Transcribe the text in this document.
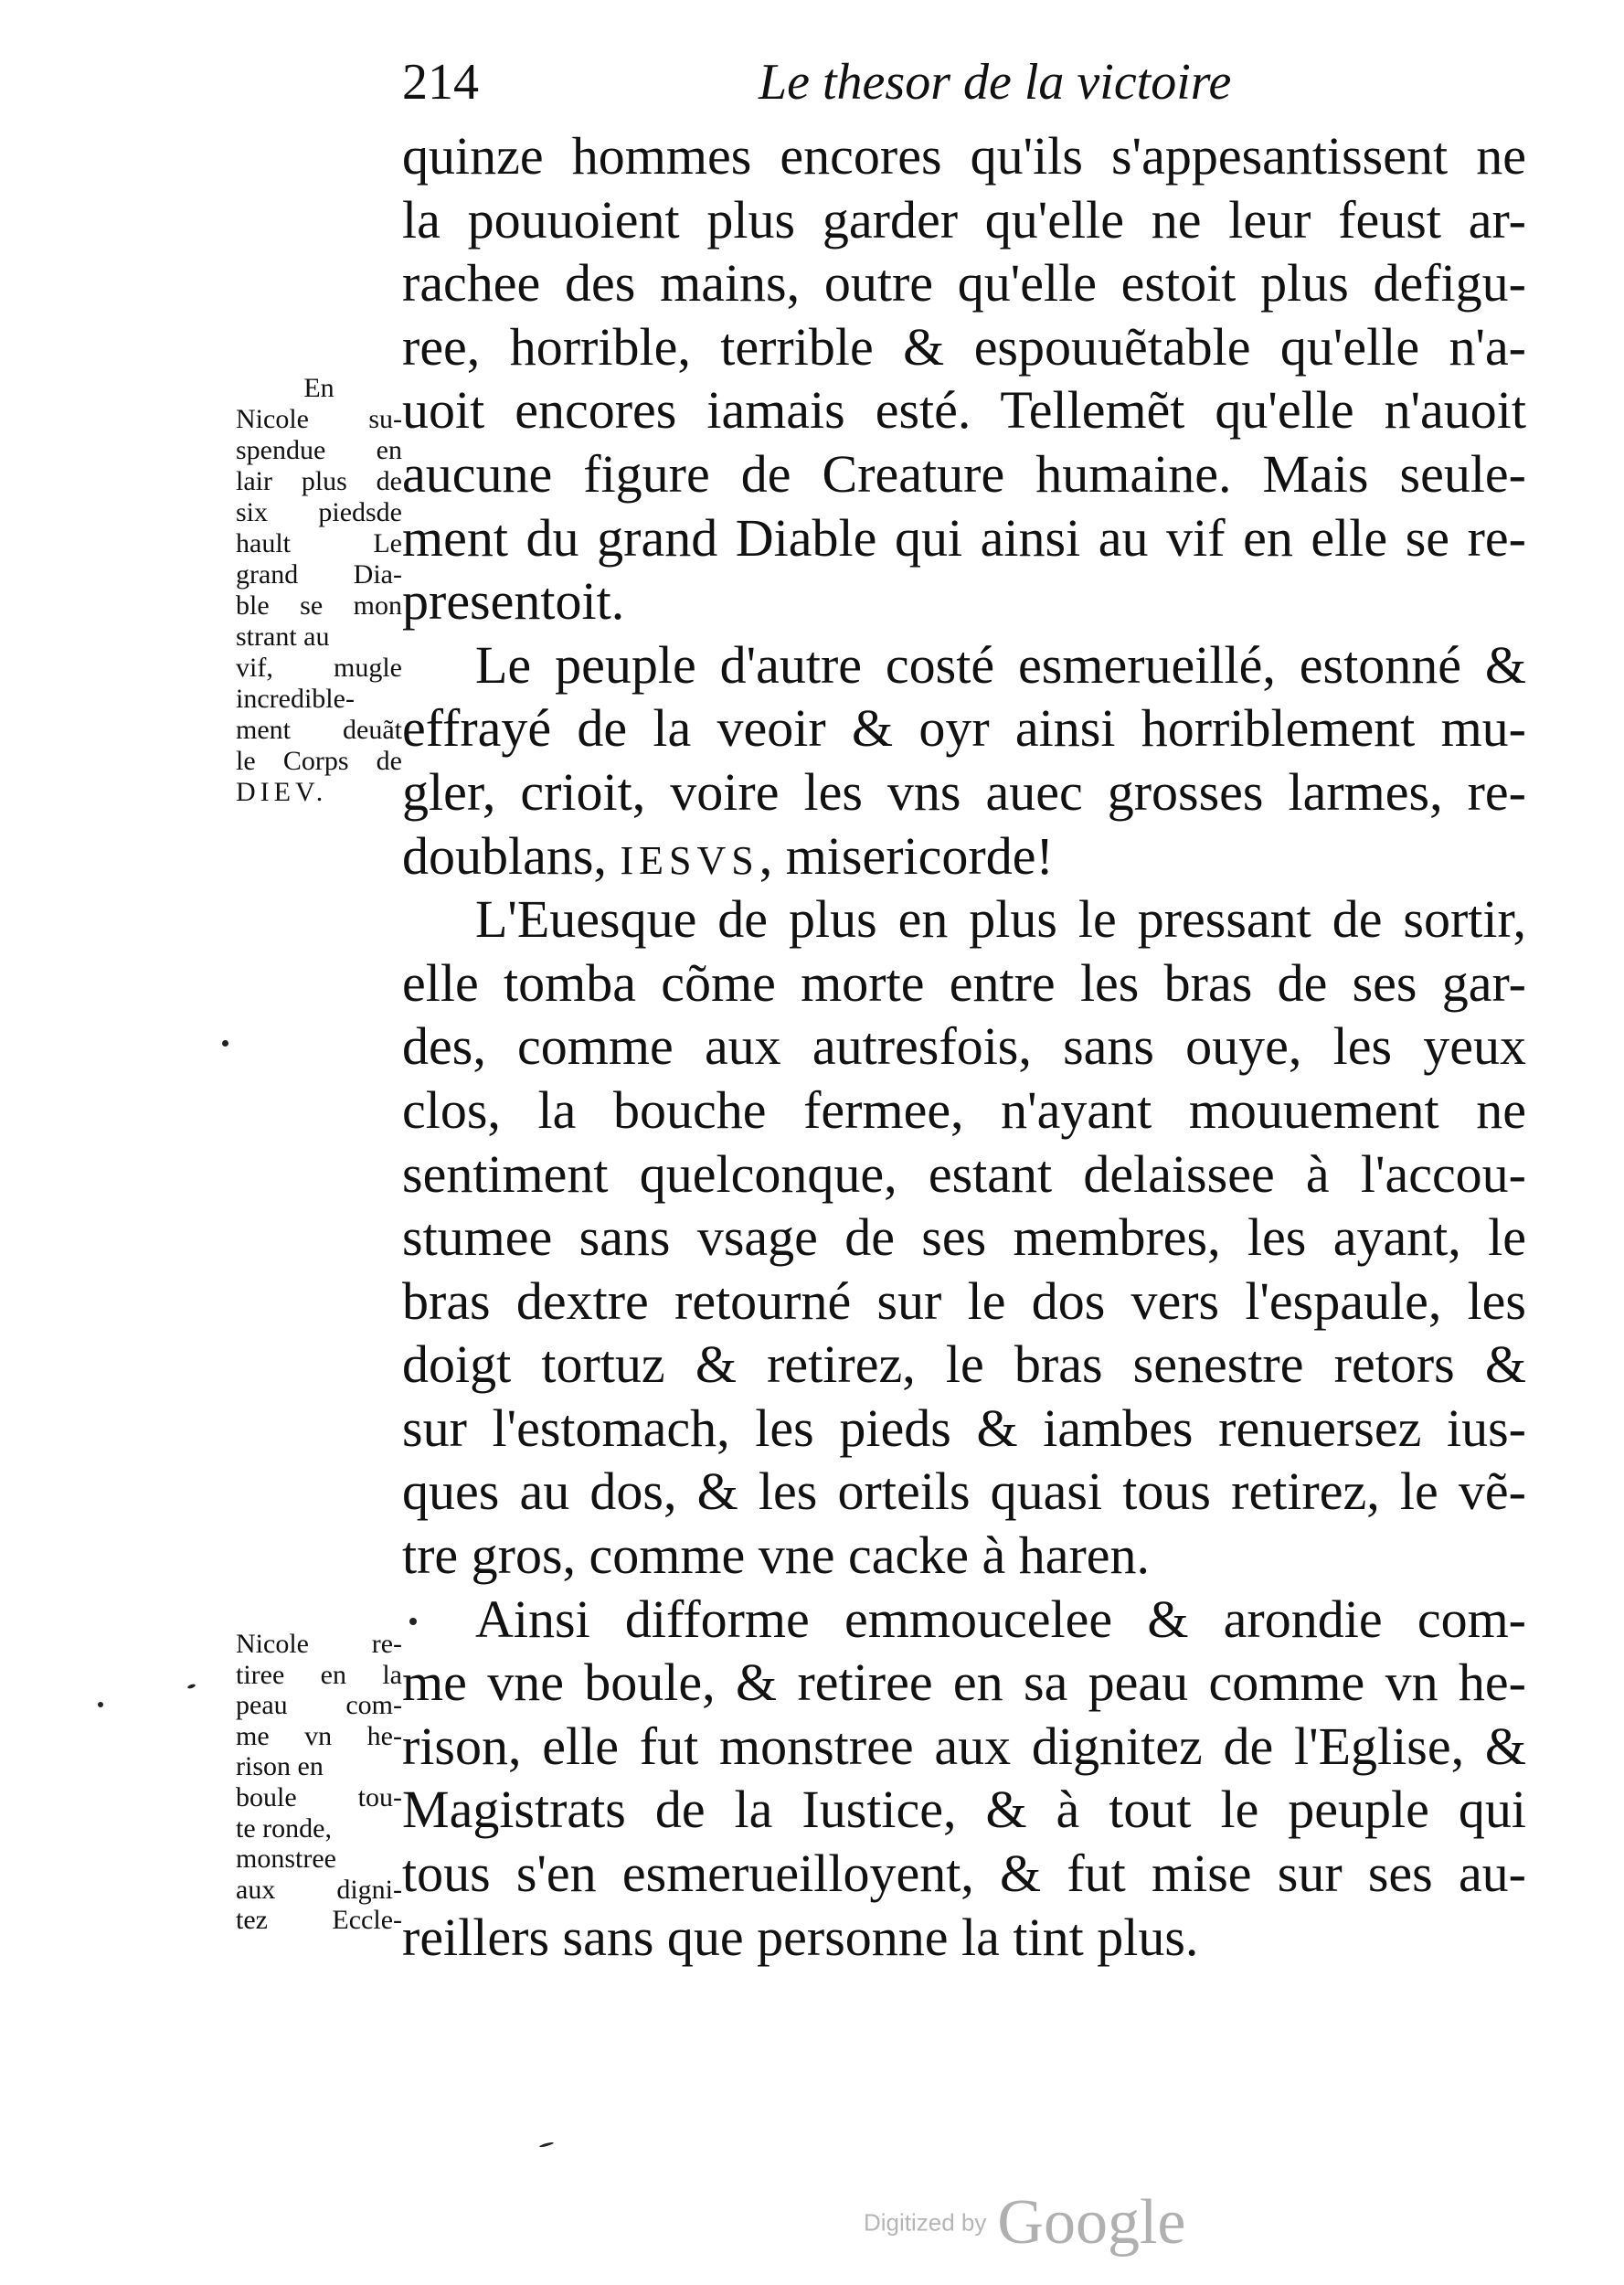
214	Le thesor de la victoire
quinze hommes encores qu'ils s'appesantissent ne
la pouuoient plus garder qu'elle ne leur feust ar-
rachee des mains, outre qu'elle estoit plus defigu-
ree, horrible, terrible & espouuẽtable qu'elle n'a-
uoit encores iamais esté. Tellemẽt qu'elle n'auoit
aucune figure de Creature humaine. Mais seule-
ment du grand Diable qui ainsi au vif en elle se re-
presentoit.
Le peuple d'autre costé esmerueillé, estonné &
effrayé de la veoir & oyr ainsi horriblement mu-
gler, crioit, voire les vns auec grosses larmes, re-
doublans, IESVS, misericorde!
L'Euesque de plus en plus le pressant de sortir,
elle tomba cõme morte entre les bras de ses gar-
des, comme aux autresfois, sans ouye, les yeux
clos, la bouche fermee, n'ayant mouuement ne
sentiment quelconque, estant delaissee à l'accou-
stumee sans vsage de ses membres, les ayant, le
bras dextre retourné sur le dos vers l'espaule, les
doigt tortuz & retirez, le bras senestre retors &
sur l'estomach, les pieds & iambes renuersez ius-
ques au dos, & les orteils quasi tous retirez, le vẽ-
tre gros, comme vne cacke à haren.
Ainsi difforme emmoucelee & arondie com-
me vne boule, & retiree en sa peau comme vn he-
rison, elle fut monstree aux dignitez de l'Eglise, &
Magistrats de la Iustice, & à tout le peuple qui
tous s'en esmerueilloyent, & fut mise sur ses au-
reillers sans que personne la tint plus.
En
Nicole su-
spendue en
lair plus de
six piedsde
hault Le
grand Dia-
ble se mon
strant au
vif, mugle
incredible-
ment deuãt
le Corps de
DIEV.
Nicole re-
tiree en la
peau com-
me vn he-
rison en
boule tou-
te ronde,
monstree
aux digni-
tez Eccle-
Digitized by Google
